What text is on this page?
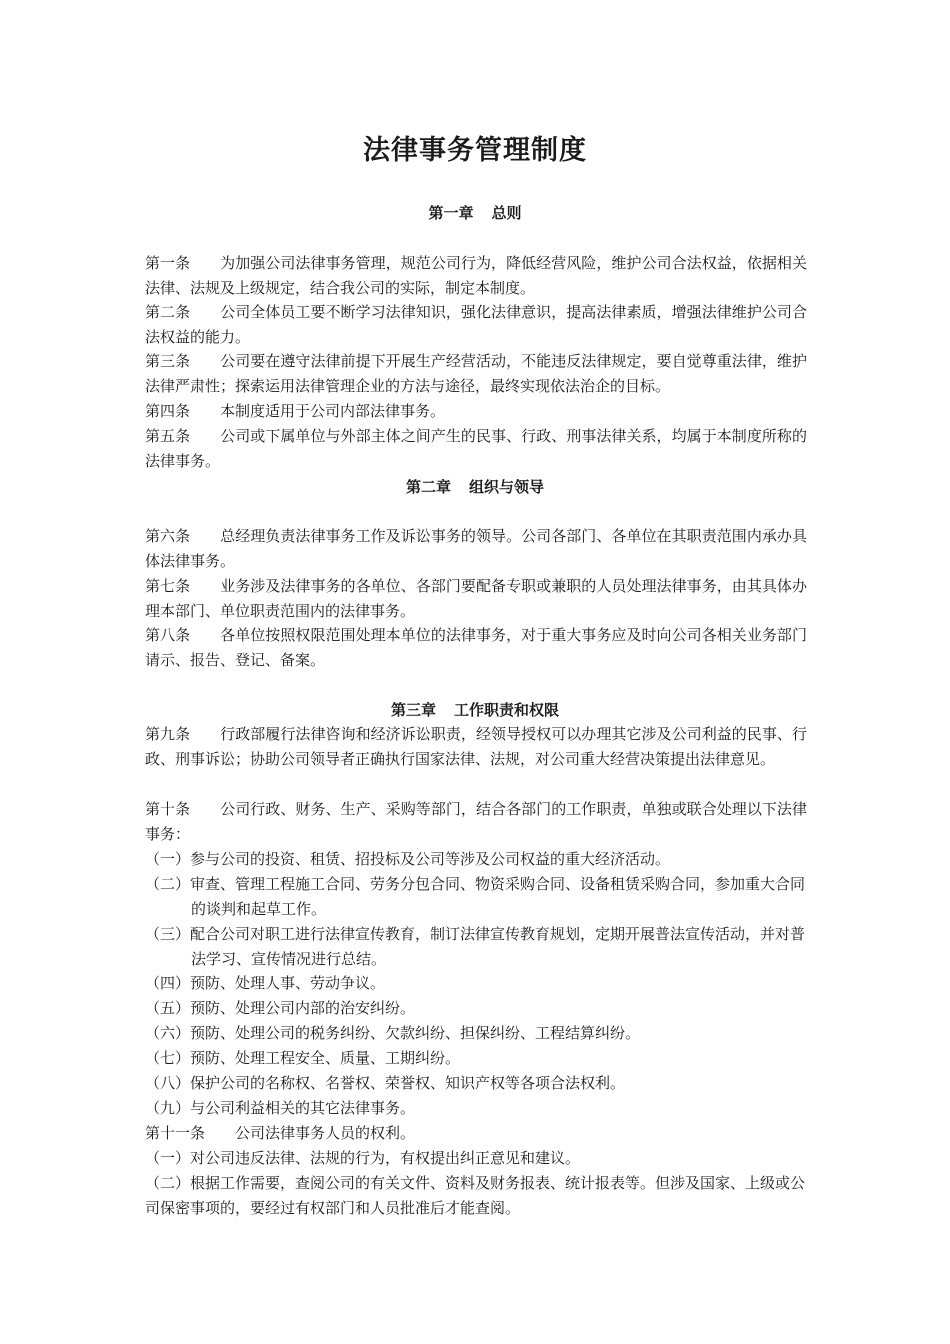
法律事务管理制度
第一章 总则
第一条 为加强公司法律事务管理，规范公司行为，降低经营风险，维护公司合法权益，依据相关法律、法规及上级规定，结合我公司的实际，制定本制度。
第二条 公司全体员工要不断学习法律知识，强化法律意识，提高法律素质，增强法律维护公司合法权益的能力。
第三条 公司要在遵守法律前提下开展生产经营活动，不能违反法律规定，要自觉尊重法律，维护法律严肃性；探索运用法律管理企业的方法与途径，最终实现依法治企的目标。
第四条 本制度适用于公司内部法律事务。
第五条 公司或下属单位与外部主体之间产生的民事、行政、刑事法律关系，均属于本制度所称的法律事务。
第二章 组织与领导
第六条 总经理负责法律事务工作及诉讼事务的领导。公司各部门、各单位在其职责范围内承办具体法律事务。
第七条 业务涉及法律事务的各单位、各部门要配备专职或兼职的人员处理法律事务，由其具体办理本部门、单位职责范围内的法律事务。
第八条 各单位按照权限范围处理本单位的法律事务，对于重大事务应及时向公司各相关业务部门请示、报告、登记、备案。
第三章 工作职责和权限
第九条 行政部履行法律咨询和经济诉讼职责，经领导授权可以办理其它涉及公司利益的民事、行政、刑事诉讼；协助公司领导者正确执行国家法律、法规，对公司重大经营决策提出法律意见。
第十条 公司行政、财务、生产、采购等部门，结合各部门的工作职责，单独或联合处理以下法律事务：
（一）参与公司的投资、租赁、招投标及公司等涉及公司权益的重大经济活动。
（二）审查、管理工程施工合同、劳务分包合同、物资采购合同、设备租赁采购合同，参加重大合同的谈判和起草工作。
（三）配合公司对职工进行法律宣传教育，制订法律宣传教育规划，定期开展普法宣传活动，并对普法学习、宣传情况进行总结。
（四）预防、处理人事、劳动争议。
（五）预防、处理公司内部的治安纠纷。
（六）预防、处理公司的税务纠纷、欠款纠纷、担保纠纷、工程结算纠纷。
（七）预防、处理工程安全、质量、工期纠纷。
（八）保护公司的名称权、名誉权、荣誉权、知识产权等各项合法权利。
（九）与公司利益相关的其它法律事务。
第十一条 公司法律事务人员的权利。
（一）对公司违反法律、法规的行为，有权提出纠正意见和建议。
（二）根据工作需要，查阅公司的有关文件、资料及财务报表、统计报表等。但涉及国家、上级或公司保密事项的，要经过有权部门和人员批准后才能查阅。
